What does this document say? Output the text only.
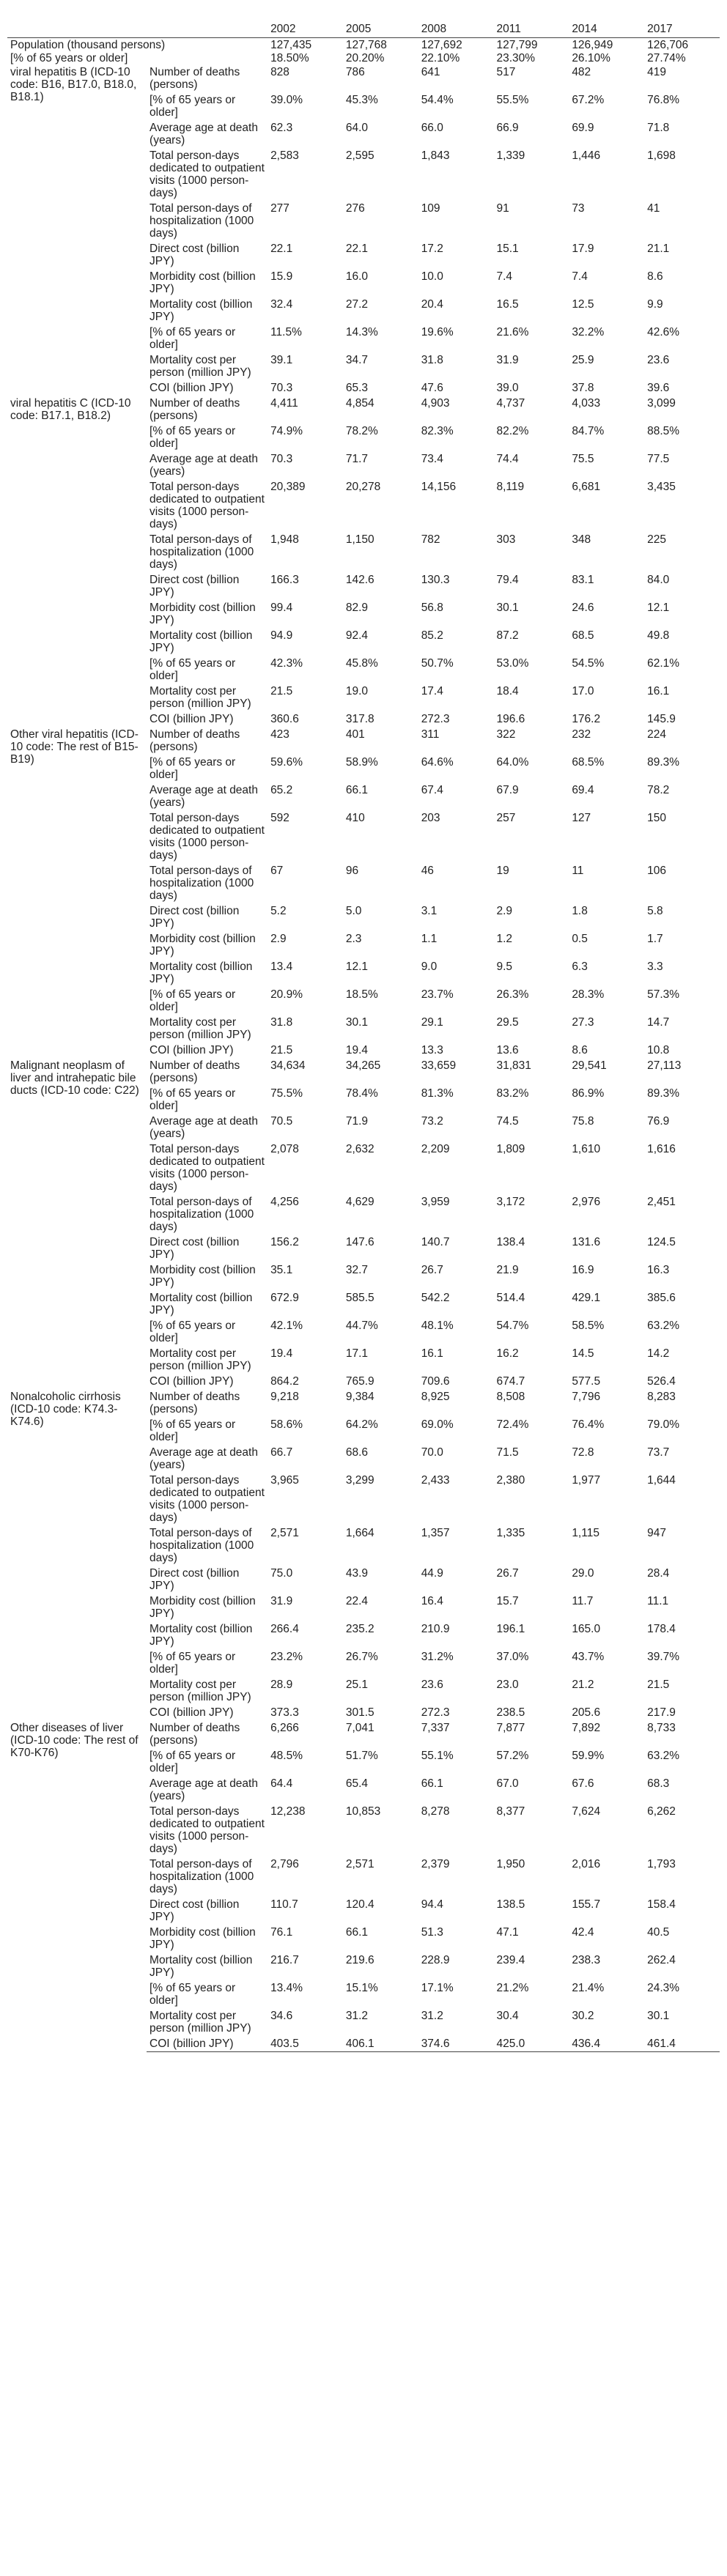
		2002	2005	2008	2011	2014	2017
Population (thousand persons)		127,435	127,768	127,692	127,799	126,949	126,706
[% of 65 years or older]		18.50%	20.20%	22.10%	23.30%	26.10%	27.74%
viral hepatitis B (ICD-10 code: B16, B17.0, B18.0, B18.1)	Number of deaths (persons)	828	786	641	517	482	419
	[% of 65 years or older]	39.0%	45.3%	54.4%	55.5%	67.2%	76.8%
	Average age at death (years)	62.3	64.0	66.0	66.9	69.9	71.8
	Total person-days dedicated to outpatient visits (1000 person-days)	2,583	2,595	1,843	1,339	1,446	1,698
	Total person-days of hospitalization (1000 days)	277	276	109	91	73	41
	Direct cost (billion JPY)	22.1	22.1	17.2	15.1	17.9	21.1
	Morbidity cost (billion JPY)	15.9	16.0	10.0	7.4	7.4	8.6
	Mortality cost (billion JPY)	32.4	27.2	20.4	16.5	12.5	9.9
	[% of 65 years or older]	11.5%	14.3%	19.6%	21.6%	32.2%	42.6%
	Mortality cost per person (million JPY)	39.1	34.7	31.8	31.9	25.9	23.6
	COI (billion JPY)	70.3	65.3	47.6	39.0	37.8	39.6
viral hepatitis C (ICD-10 code: B17.1, B18.2)	Number of deaths (persons)	4,411	4,854	4,903	4,737	4,033	3,099
	[% of 65 years or older]	74.9%	78.2%	82.3%	82.2%	84.7%	88.5%
	Average age at death (years)	70.3	71.7	73.4	74.4	75.5	77.5
	Total person-days dedicated to outpatient visits (1000 person-days)	20,389	20,278	14,156	8,119	6,681	3,435
	Total person-days of hospitalization (1000 days)	1,948	1,150	782	303	348	225
	Direct cost (billion JPY)	166.3	142.6	130.3	79.4	83.1	84.0
	Morbidity cost (billion JPY)	99.4	82.9	56.8	30.1	24.6	12.1
	Mortality cost (billion JPY)	94.9	92.4	85.2	87.2	68.5	49.8
	[% of 65 years or older]	42.3%	45.8%	50.7%	53.0%	54.5%	62.1%
	Mortality cost per person (million JPY)	21.5	19.0	17.4	18.4	17.0	16.1
	COI (billion JPY)	360.6	317.8	272.3	196.6	176.2	145.9
Other viral hepatitis (ICD-10 code: The rest of B15-B19)	Number of deaths (persons)	423	401	311	322	232	224
	[% of 65 years or older]	59.6%	58.9%	64.6%	64.0%	68.5%	89.3%
	Average age at death (years)	65.2	66.1	67.4	67.9	69.4	78.2
	Total person-days dedicated to outpatient visits (1000 person-days)	592	410	203	257	127	150
	Total person-days of hospitalization (1000 days)	67	96	46	19	11	106
	Direct cost (billion JPY)	5.2	5.0	3.1	2.9	1.8	5.8
	Morbidity cost (billion JPY)	2.9	2.3	1.1	1.2	0.5	1.7
	Mortality cost (billion JPY)	13.4	12.1	9.0	9.5	6.3	3.3
	[% of 65 years or older]	20.9%	18.5%	23.7%	26.3%	28.3%	57.3%
	Mortality cost per person (million JPY)	31.8	30.1	29.1	29.5	27.3	14.7
	COI (billion JPY)	21.5	19.4	13.3	13.6	8.6	10.8
Malignant neoplasm of liver and intrahepatic bile ducts (ICD-10 code: C22)	Number of deaths (persons)	34,634	34,265	33,659	31,831	29,541	27,113
	[% of 65 years or older]	75.5%	78.4%	81.3%	83.2%	86.9%	89.3%
	Average age at death (years)	70.5	71.9	73.2	74.5	75.8	76.9
	Total person-days dedicated to outpatient visits (1000 person-days)	2,078	2,632	2,209	1,809	1,610	1,616
	Total person-days of hospitalization (1000 days)	4,256	4,629	3,959	3,172	2,976	2,451
	Direct cost (billion JPY)	156.2	147.6	140.7	138.4	131.6	124.5
	Morbidity cost (billion JPY)	35.1	32.7	26.7	21.9	16.9	16.3
	Mortality cost (billion JPY)	672.9	585.5	542.2	514.4	429.1	385.6
	[% of 65 years or older]	42.1%	44.7%	48.1%	54.7%	58.5%	63.2%
	Mortality cost per person (million JPY)	19.4	17.1	16.1	16.2	14.5	14.2
	COI (billion JPY)	864.2	765.9	709.6	674.7	577.5	526.4
Nonalcoholic cirrhosis (ICD-10 code: K74.3-K74.6)	Number of deaths (persons)	9,218	9,384	8,925	8,508	7,796	8,283
	[% of 65 years or older]	58.6%	64.2%	69.0%	72.4%	76.4%	79.0%
	Average age at death (years)	66.7	68.6	70.0	71.5	72.8	73.7
	Total person-days dedicated to outpatient visits (1000 person-days)	3,965	3,299	2,433	2,380	1,977	1,644
	Total person-days of hospitalization (1000 days)	2,571	1,664	1,357	1,335	1,115	947
	Direct cost (billion JPY)	75.0	43.9	44.9	26.7	29.0	28.4
	Morbidity cost (billion JPY)	31.9	22.4	16.4	15.7	11.7	11.1
	Mortality cost (billion JPY)	266.4	235.2	210.9	196.1	165.0	178.4
	[% of 65 years or older]	23.2%	26.7%	31.2%	37.0%	43.7%	39.7%
	Mortality cost per person (million JPY)	28.9	25.1	23.6	23.0	21.2	21.5
	COI (billion JPY)	373.3	301.5	272.3	238.5	205.6	217.9
Other diseases of liver (ICD-10 code: The rest of K70-K76)	Number of deaths (persons)	6,266	7,041	7,337	7,877	7,892	8,733
	[% of 65 years or older]	48.5%	51.7%	55.1%	57.2%	59.9%	63.2%
	Average age at death (years)	64.4	65.4	66.1	67.0	67.6	68.3
	Total person-days dedicated to outpatient visits (1000 person-days)	12,238	10,853	8,278	8,377	7,624	6,262
	Total person-days of hospitalization (1000 days)	2,796	2,571	2,379	1,950	2,016	1,793
	Direct cost (billion JPY)	110.7	120.4	94.4	138.5	155.7	158.4
	Morbidity cost (billion JPY)	76.1	66.1	51.3	47.1	42.4	40.5
	Mortality cost (billion JPY)	216.7	219.6	228.9	239.4	238.3	262.4
	[% of 65 years or older]	13.4%	15.1%	17.1%	21.2%	21.4%	24.3%
	Mortality cost per person (million JPY)	34.6	31.2	31.2	30.4	30.2	30.1
	COI (billion JPY)	403.5	406.1	374.6	425.0	436.4	461.4
